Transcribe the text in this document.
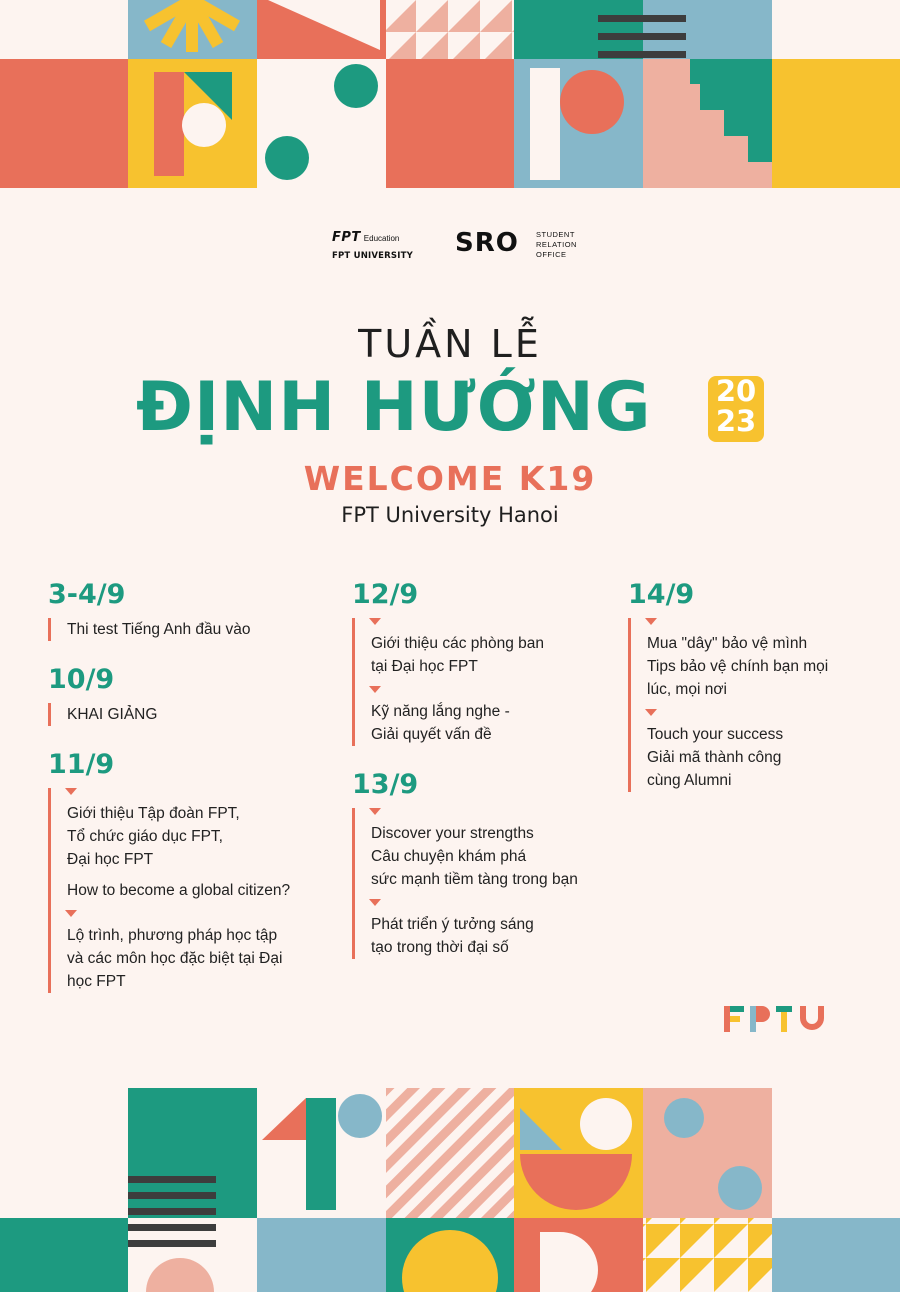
FPT Education
FPT UNIVERSITY	SRO STUDENT
RELATION
OFFICE
TUẦN LỄ
ĐỊNH HƯỚNG 20
23
WELCOME K19
FPT University Hanoi
3-4/9
Thi test Tiếng Anh đầu vào
10/9
KHAI GIẢNG
11/9
Giới thiệu Tập đoàn FPT,
Tổ chức giáo dục FPT,
Đại học FPT
How to become a global citizen?
Lộ trình, phương pháp học tập
và các môn học đặc biệt tại Đại
học FPT
12/9
Giới thiệu các phòng ban
tại Đại học FPT
Kỹ năng lắng nghe -
Giải quyết vấn đề
13/9
Discover your strengths
Câu chuyện khám phá
sức mạnh tiềm tàng trong bạn
Phát triển ý tưởng sáng
tạo trong thời đại số
14/9
Mua "dây" bảo vệ mình
Tips bảo vệ chính bạn mọi
lúc, mọi nơi
Touch your success
Giải mã thành công
cùng Alumni
